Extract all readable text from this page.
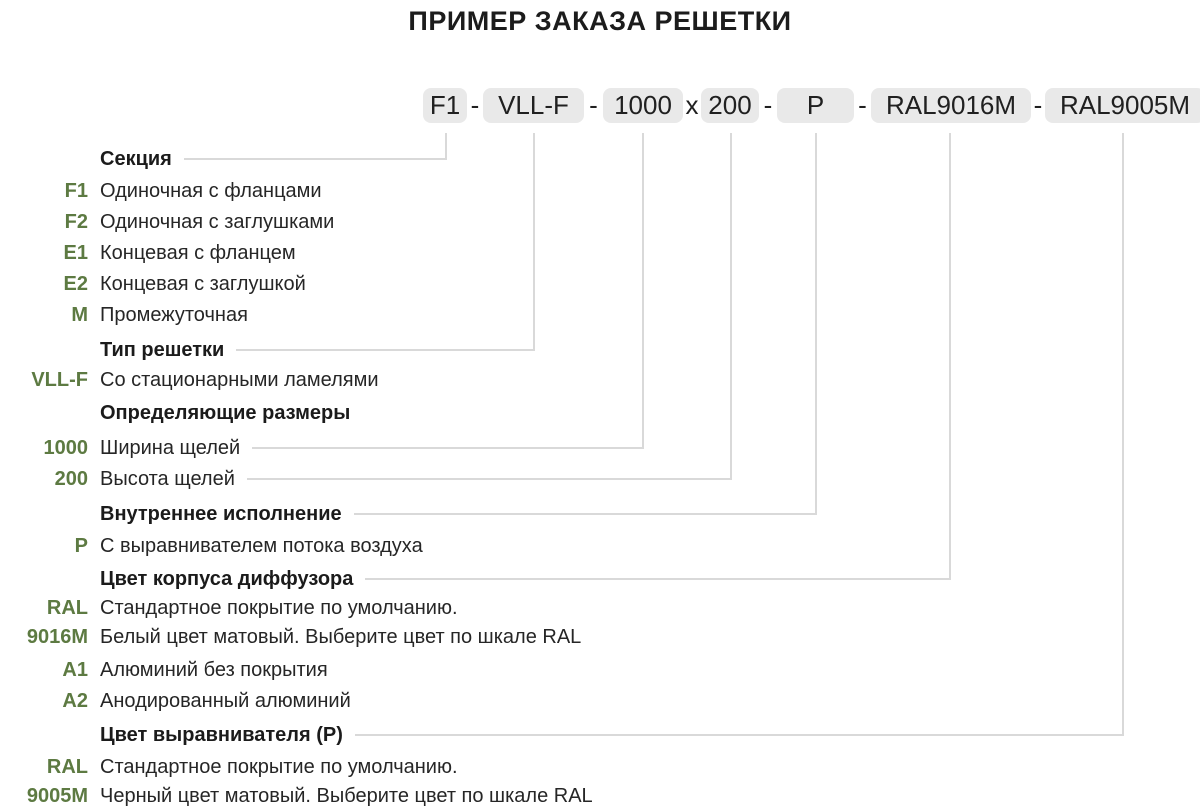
ПРИМЕР ЗАКАЗА РЕШЕТКИ
F1 - VLL-F - 1000 x 200 -	P	- RAL9016M - RAL9005M
Секция
F1 Одиночная с фланцами
F2 Одиночная с заглушками
E1 Концевая с фланцем
E2 Концевая с заглушкой
M Промежуточная
Тип решетки
VLL-F Со стационарными ламелями
Определяющие размеры
1000 Ширина щелей
200 Высота щелей
Внутреннее исполнение
P С выравнивателем потока воздуха
Цвет корпуса диффузора
RAL Стандартное покрытие по умолчанию.
9016M Белый цвет матовый. Выберите цвет по шкале RAL
A1 Алюминий без покрытия
A2 Анодированный алюминий
Цвет выравнивателя (P)
RAL Стандартное покрытие по умолчанию.
9005M Черный цвет матовый. Выберите цвет по шкале RAL
